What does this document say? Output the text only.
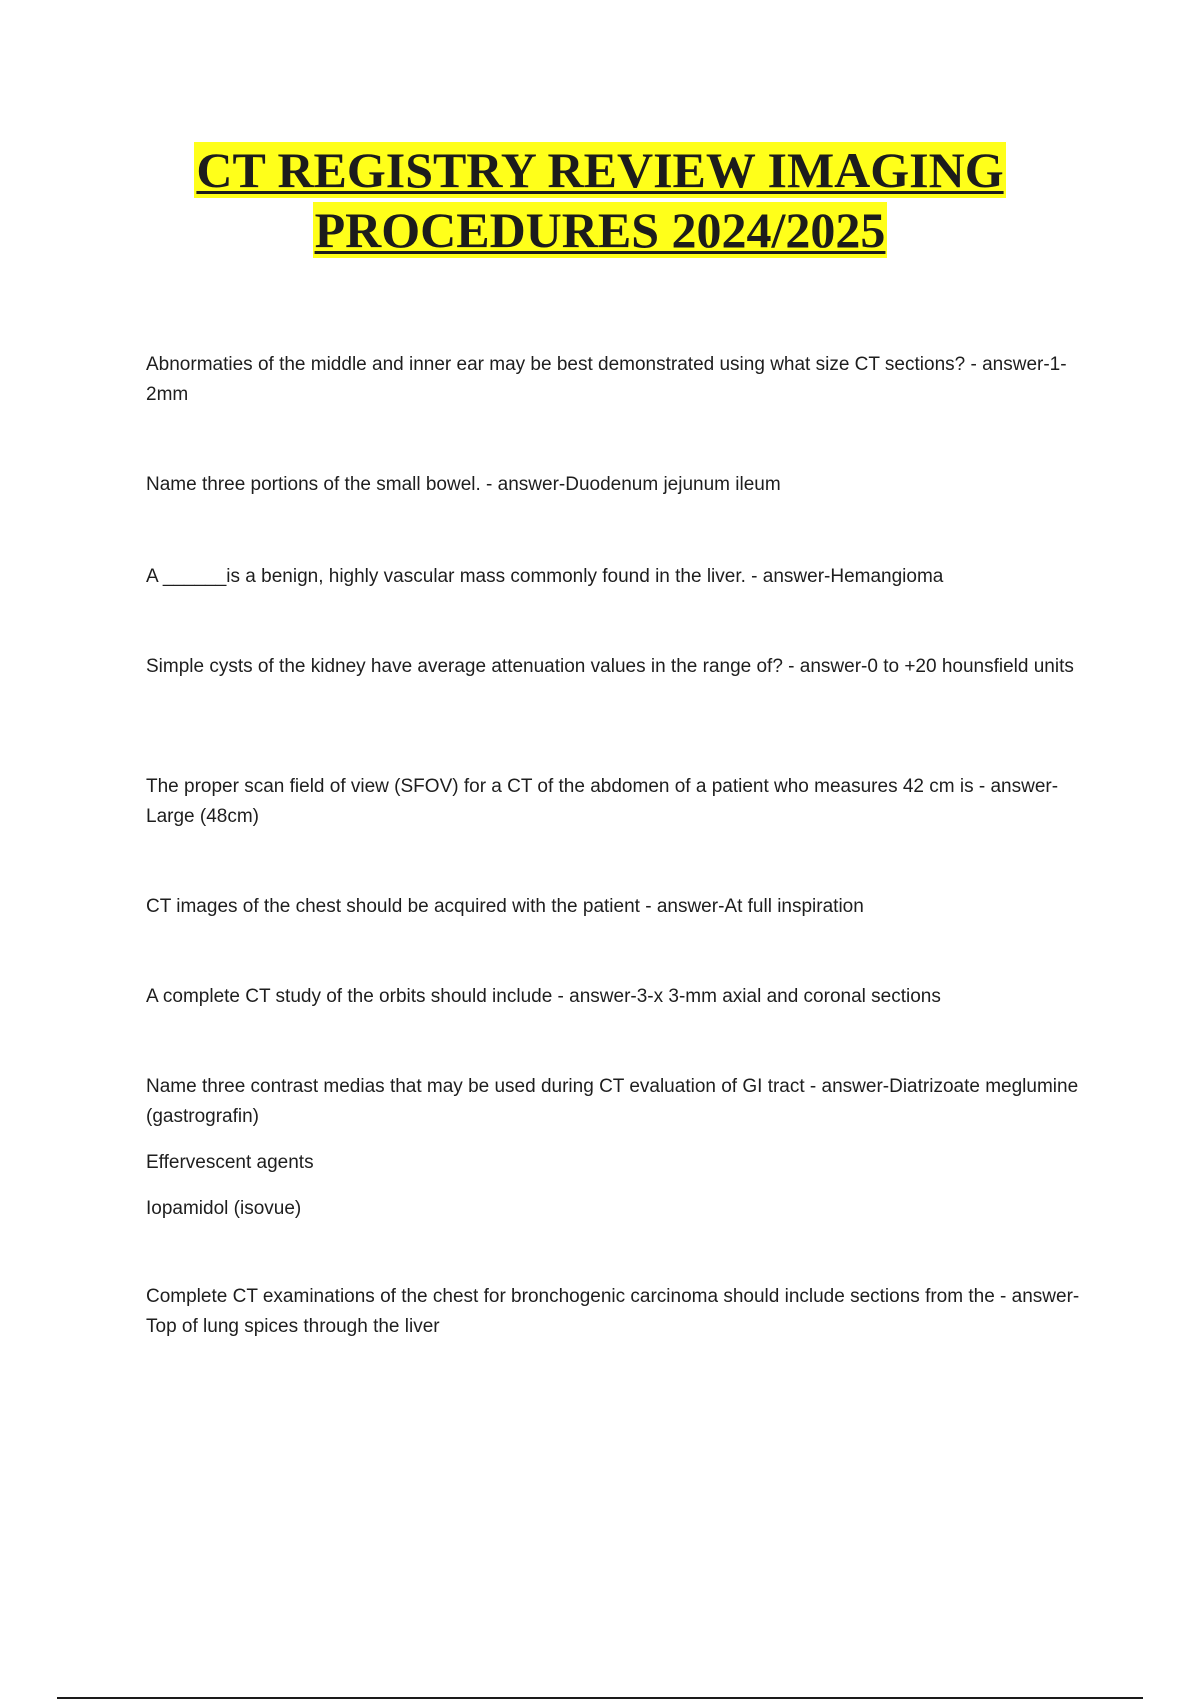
CT REGISTRY REVIEW IMAGING
PROCEDURES 2024/2025

Abnormaties of the middle and inner ear may be best demonstrated using what size CT sections? - answer-1-2mm

Name three portions of the small bowel. - answer-Duodenum jejunum ileum

A ______is a benign, highly vascular mass commonly found in the liver. - answer-Hemangioma

Simple cysts of the kidney have average attenuation values in the range of? - answer-0 to +20 hounsfield units

The proper scan field of view (SFOV) for a CT of the abdomen of a patient who measures 42 cm is - answer-Large (48cm)

CT images of the chest should be acquired with the patient - answer-At full inspiration

A complete CT study of the orbits should include - answer-3-x 3-mm axial and coronal sections

Name three contrast medias that may be used during CT evaluation of GI tract - answer-Diatrizoate meglumine (gastrografin)

Effervescent agents

Iopamidol (isovue)

Complete CT examinations of the chest for bronchogenic carcinoma should include sections from the - answer-Top of lung spices through the liver
